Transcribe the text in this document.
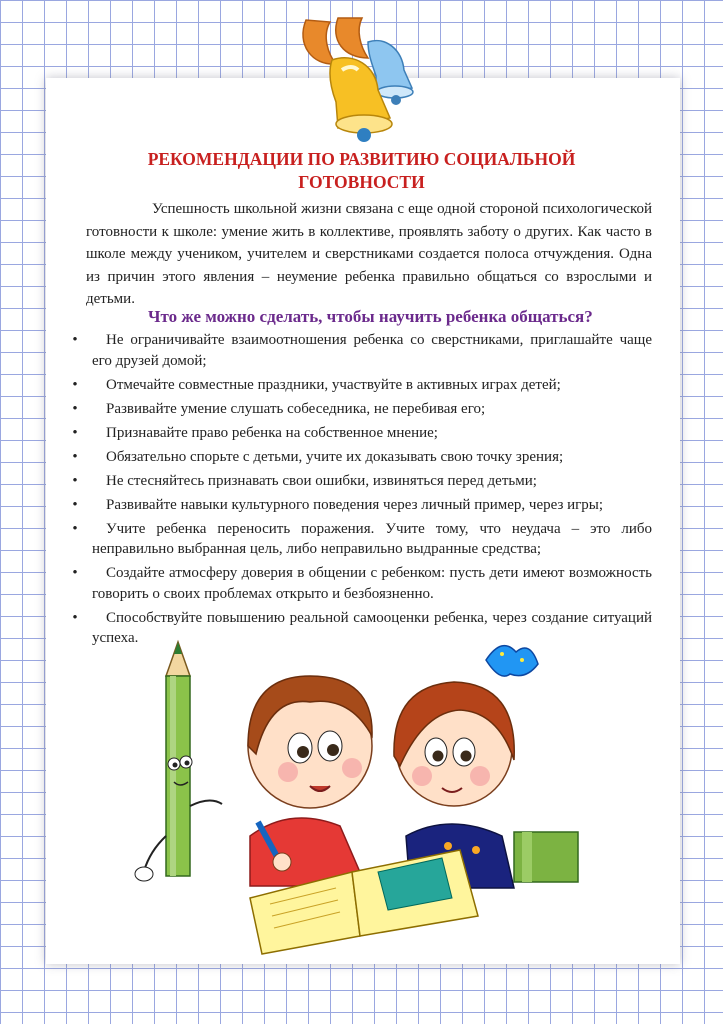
РЕКОМЕНДАЦИИ ПО РАЗВИТИЮ СОЦИАЛЬНОЙ
ГОТОВНОСТИ

Успешность школьной жизни связана с еще одной стороной психологической готовности к школе: умение жить в коллективе, проявлять заботу о других. Как часто в школе между учеником, учителем и сверстниками создается полоса отчуждения. Одна из причин этого явления – неумение ребенка правильно общаться со взрослыми и детьми.

Что же можно сделать, чтобы научить ребенка общаться?

•	Не ограничивайте взаимоотношения ребенка со сверстниками, приглашайте чаще его друзей домой;
•	Отмечайте совместные праздники, участвуйте в активных играх детей;
•	Развивайте умение слушать собеседника, не перебивая его;
•	Признавайте право ребенка на собственное мнение;
•	Обязательно спорьте с детьми, учите их доказывать свою точку зрения;
•	Не стесняйтесь признавать свои ошибки, извиняться перед детьми;
•	Развивайте навыки культурного поведения через личный пример, через игры;
•	Учите ребенка переносить поражения. Учите тому, что неудача – это либо неправильно выбранная цель, либо неправильно выдранные средства;
•	Создайте атмосферу доверия в общении с ребенком: пусть дети имеют возможность говорить о своих проблемах открыто и безбоязненно.
•	Способствуйте повышению реальной самооценки ребенка, через создание ситуаций успеха.
